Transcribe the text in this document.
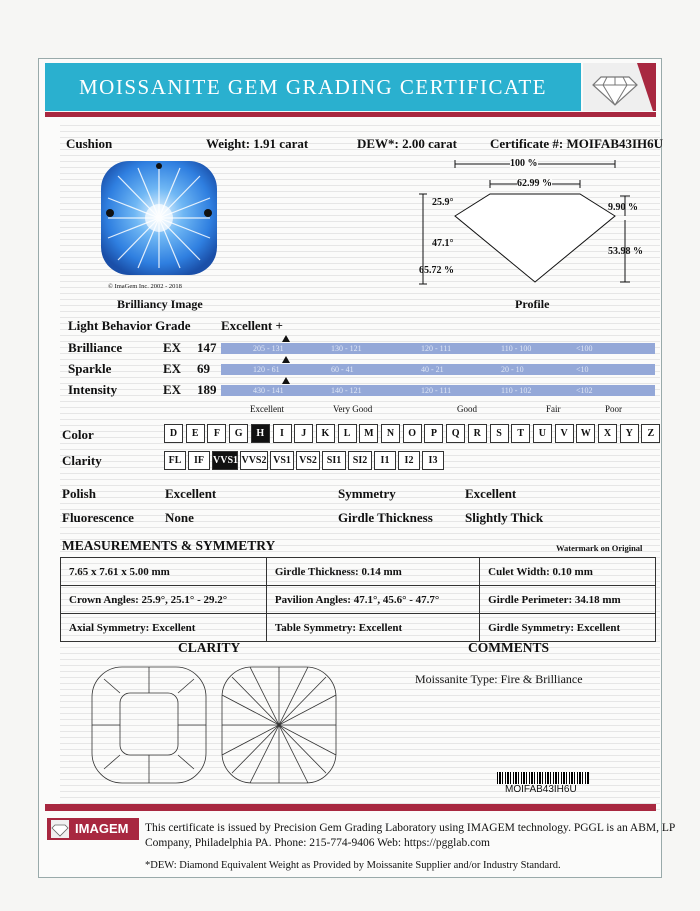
MOISSANITE GEM GRADING CERTIFICATE
Cushion	Weight: 1.91 carat	DEW*: 2.00 carat	Certificate #: MOIFAB43IH6U
© ImaGem Inc. 2002 - 2018
Brilliancy Image
100 %
62.99 %
25.9°
47.1°
65.72 %
9.90 %
53.98 %
Profile
Light Behavior Grade Excellent +
Brilliance	EX 147	205 - 131	130 - 121	120 - 111	110 - 100	<100
Sparkle	EX 69	120 - 61	60 - 41	40 - 21	20 - 10	<10
Intensity	EX 189	430 - 141	140 - 121	120 - 111	110 - 102	<102
Excellent	Very Good	Good	Fair	Poor
Color	D	E	F	G	H	I	J	K	L	M	N	O	P	Q	R	S	T	U	V	W	X	Y	Z
Clarity	FL	IF VVS1 VVS2 VS1 VS2 SI1	SI2	I1	I2	I3
Polish	Excellent	Symmetry	Excellent
Fluorescence None	Girdle Thickness Slightly Thick
MEASUREMENTS & SYMMETRY	Watermark on Original
7.65 x 7.61 x 5.00 mm	Girdle Thickness: 0.14 mm	Culet Width: 0.10 mm
Crown Angles: 25.9°, 25.1° - 29.2°	Pavilion Angles: 47.1°, 45.6° - 47.7°	Girdle Perimeter: 34.18 mm
Axial Symmetry: Excellent	Table Symmetry: Excellent	Girdle Symmetry: Excellent
CLARITY	COMMENTS
Moissanite Type: Fire & Brilliance
MOIFAB43IH6U
IMAGEM This certificate is issued by Precision Gem Grading Laboratory using IMAGEM technology. PGGL is an ABM, LP
Company, Philadelphia PA. Phone: 215-774-9406 Web: https://pgglab.com
*DEW: Diamond Equivalent Weight as Provided by Moissanite Supplier and/or Industry Standard.
